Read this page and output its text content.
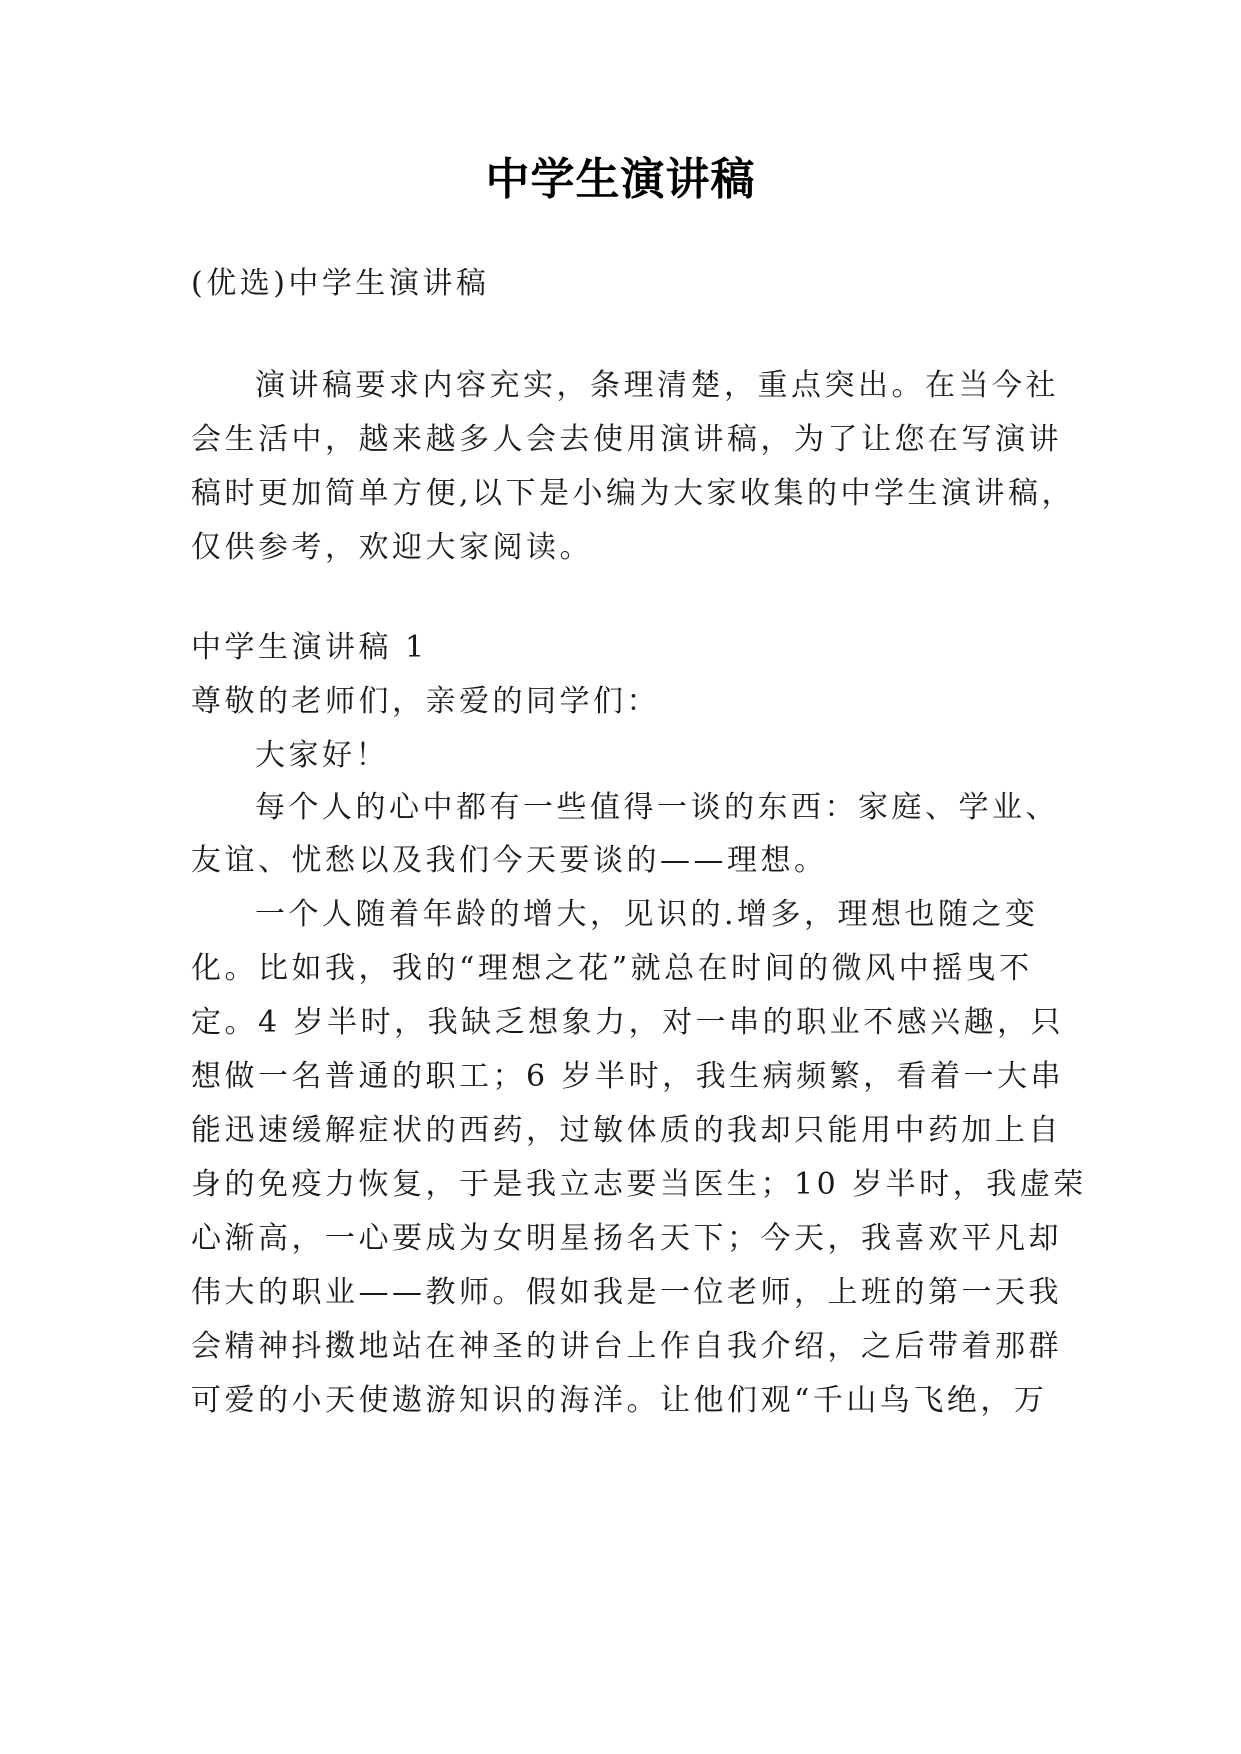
中学生演讲稿
(优选)中学生演讲稿
演讲稿要求内容充实，条理清楚，重点突出。在当今社
会生活中，越来越多人会去使用演讲稿，为了让您在写演讲
稿时更加简单方便,以下是小编为大家收集的中学生演讲稿，
仅供参考，欢迎大家阅读。
中学生演讲稿 1
尊敬的老师们，亲爱的同学们：
大家好！
每个人的心中都有一些值得一谈的东西：家庭、学业、
友谊、忧愁以及我们今天要谈的——理想。
一个人随着年龄的增大，见识的.增多，理想也随之变
化。比如我，我的“理想之花”就总在时间的微风中摇曳不
定。4 岁半时，我缺乏想象力，对一串的职业不感兴趣，只
想做一名普通的职工；6 岁半时，我生病频繁，看着一大串
能迅速缓解症状的西药，过敏体质的我却只能用中药加上自
身的免疫力恢复，于是我立志要当医生；10 岁半时，我虚荣
心渐高，一心要成为女明星扬名天下；今天，我喜欢平凡却
伟大的职业——教师。假如我是一位老师，上班的第一天我
会精神抖擞地站在神圣的讲台上作自我介绍，之后带着那群
可爱的小天使遨游知识的海洋。让他们观“千山鸟飞绝，万
